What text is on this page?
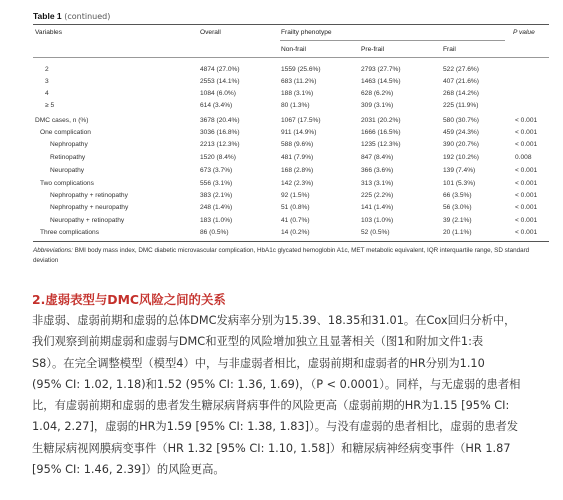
Table 1 (continued)
Variables	Overall	Frailty phenotype	P value
Non-frail	Pre-frail	Frail
2	4874 (27.0%)	1559 (25.6%)	2793 (27.7%)	522 (27.6%)
3	2553 (14.1%)	683 (11.2%)	1463 (14.5%)	407 (21.6%)
4	1084 (6.0%)	188 (3.1%)	628 (6.2%)	268 (14.2%)
≥ 5	614 (3.4%)	80 (1.3%)	309 (3.1%)	225 (11.9%)
DMC cases, n (%)	3678 (20.4%)	1067 (17.5%)	2031 (20.2%)	580 (30.7%)	< 0.001
One complication	3036 (16.8%)	911 (14.9%)	1666 (16.5%)	459 (24.3%)	< 0.001
Nephropathy	2213 (12.3%)	588 (9.6%)	1235 (12.3%)	390 (20.7%)	< 0.001
Retinopathy	1520 (8.4%)	481 (7.9%)	847 (8.4%)	192 (10.2%)	0.008
Neuropathy	673 (3.7%)	168 (2.8%)	366 (3.6%)	139 (7.4%)	< 0.001
Two complications	556 (3.1%)	142 (2.3%)	313 (3.1%)	101 (5.3%)	< 0.001
Nephropathy + retinopathy	383 (2.1%)	92 (1.5%)	225 (2.2%)	66 (3.5%)	< 0.001
Nephropathy + neuropathy	248 (1.4%)	51 (0.8%)	141 (1.4%)	56 (3.0%)	< 0.001
Neuropathy + retinopathy	183 (1.0%)	41 (0.7%)	103 (1.0%)	39 (2.1%)	< 0.001
Three complications	86 (0.5%)	14 (0.2%)	52 (0.5%)	20 (1.1%)	< 0.001
Abbreviations: BMI body mass index, DMC diabetic microvascular complication, HbA1c glycated hemoglobin A1c, MET metabolic equivalent, IQR interquartile range, SD standard deviation
2.虚弱表型与DMC风险之间的关系
非虚弱、虚弱前期和虚弱的总体DMC发病率分别为15.39、18.35和31.01。在Cox回归分析中，
我们观察到前期虚弱和虚弱与DMC和亚型的风险增加独立且显著相关（图1和附加文件1:表
S8）。在完全调整模型（模型4）中，与非虚弱者相比，虚弱前期和虚弱者的HR分别为1.10
(95% CI: 1.02, 1.18)和1.52 (95% CI: 1.36, 1.69)，（P < 0.0001）。同样，与无虚弱的患者相
比，有虚弱前期和虚弱的患者发生糖尿病肾病事件的风险更高（虚弱前期的HR为1.15 [95% CI:
1.04, 2.27]，虚弱的HR为1.59 [95% CI: 1.38, 1.83]）。与没有虚弱的患者相比，虚弱的患者发
生糖尿病视网膜病变事件（HR 1.32 [95% CI: 1.10, 1.58]）和糖尿病神经病变事件（HR 1.87
[95% CI: 1.46, 2.39]）的风险更高。
